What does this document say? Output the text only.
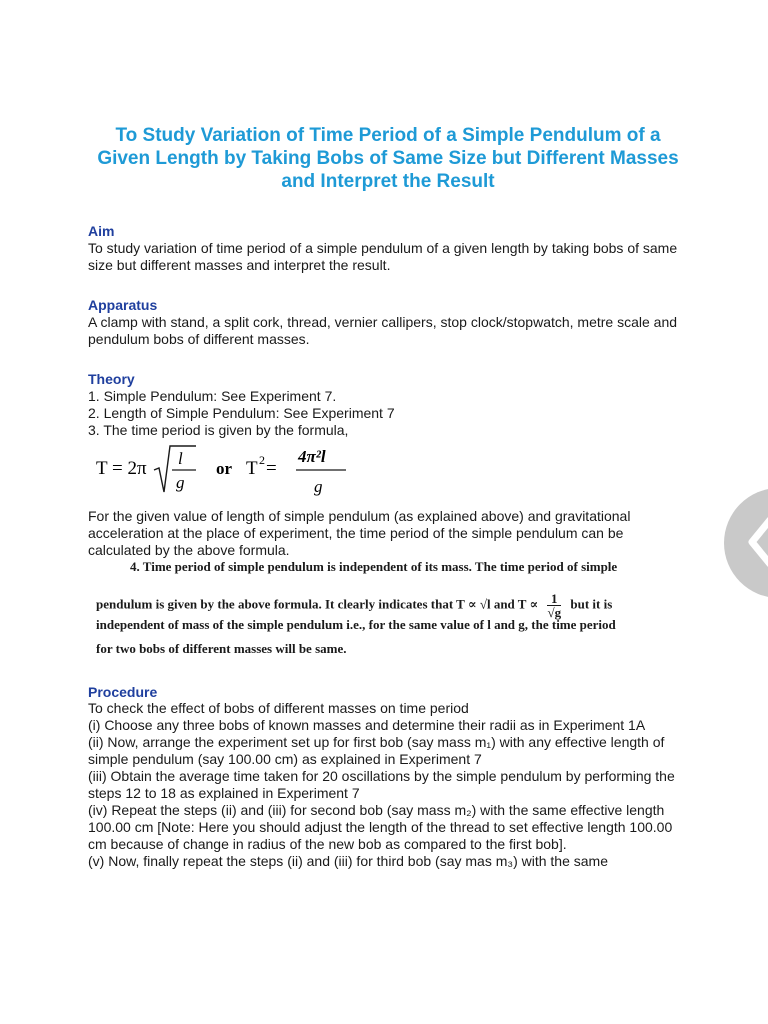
To Study Variation of Time Period of a Simple Pendulum of a Given Length by Taking Bobs of Same Size but Different Masses and Interpret the Result
Aim

To study variation of time period of a simple pendulum of a given length by taking bobs of same size but different masses and interpret the result.

Apparatus

A clamp with stand, a split cork, thread, vernier callipers, stop clock/stopwatch, metre scale and pendulum bobs of different masses.

Theory

1. Simple Pendulum: See Experiment 7.

2. Length of Simple Pendulum: See Experiment 7

3. The time period is given by the formula,

T = 2π l
g
or T 2 =
4π²l
g

For the given value of length of simple pendulum (as explained above) and gravitational acceleration at the place of experiment, the time period of the simple pendulum can be calculated by the above formula.

4. Time period of simple pendulum is independent of its mass. The time period of simple
pendulum is given by the above formula. It clearly indicates that T ∝ √l and $T \propto \frac{1}{√g}$ but it is
independent of mass of the simple pendulum i.e., for the same value of l and g, the time period
for two bobs of different masses will be same.
Procedure

To check the effect of bobs of different masses on time period

(i) Choose any three bobs of known masses and determine their radii as in Experiment 1A

(ii) Now, arrange the experiment set up for first bob (say mass m₁) with any effective length of simple pendulum (say 100.00 cm) as explained in Experiment 7

(iii) Obtain the average time taken for 20 oscillations by the simple pendulum by performing the steps 12 to 18 as explained in Experiment 7

(iv) Repeat the steps (ii) and (iii) for second bob (say mass m₂) with the same effective length 100.00 cm [Note: Here you should adjust the length of the thread to set effective length 100.00 cm because of change in radius of the new bob as compared to the first bob].

(v) Now, finally repeat the steps (ii) and (iii) for third bob (say mas m₃) with the same
